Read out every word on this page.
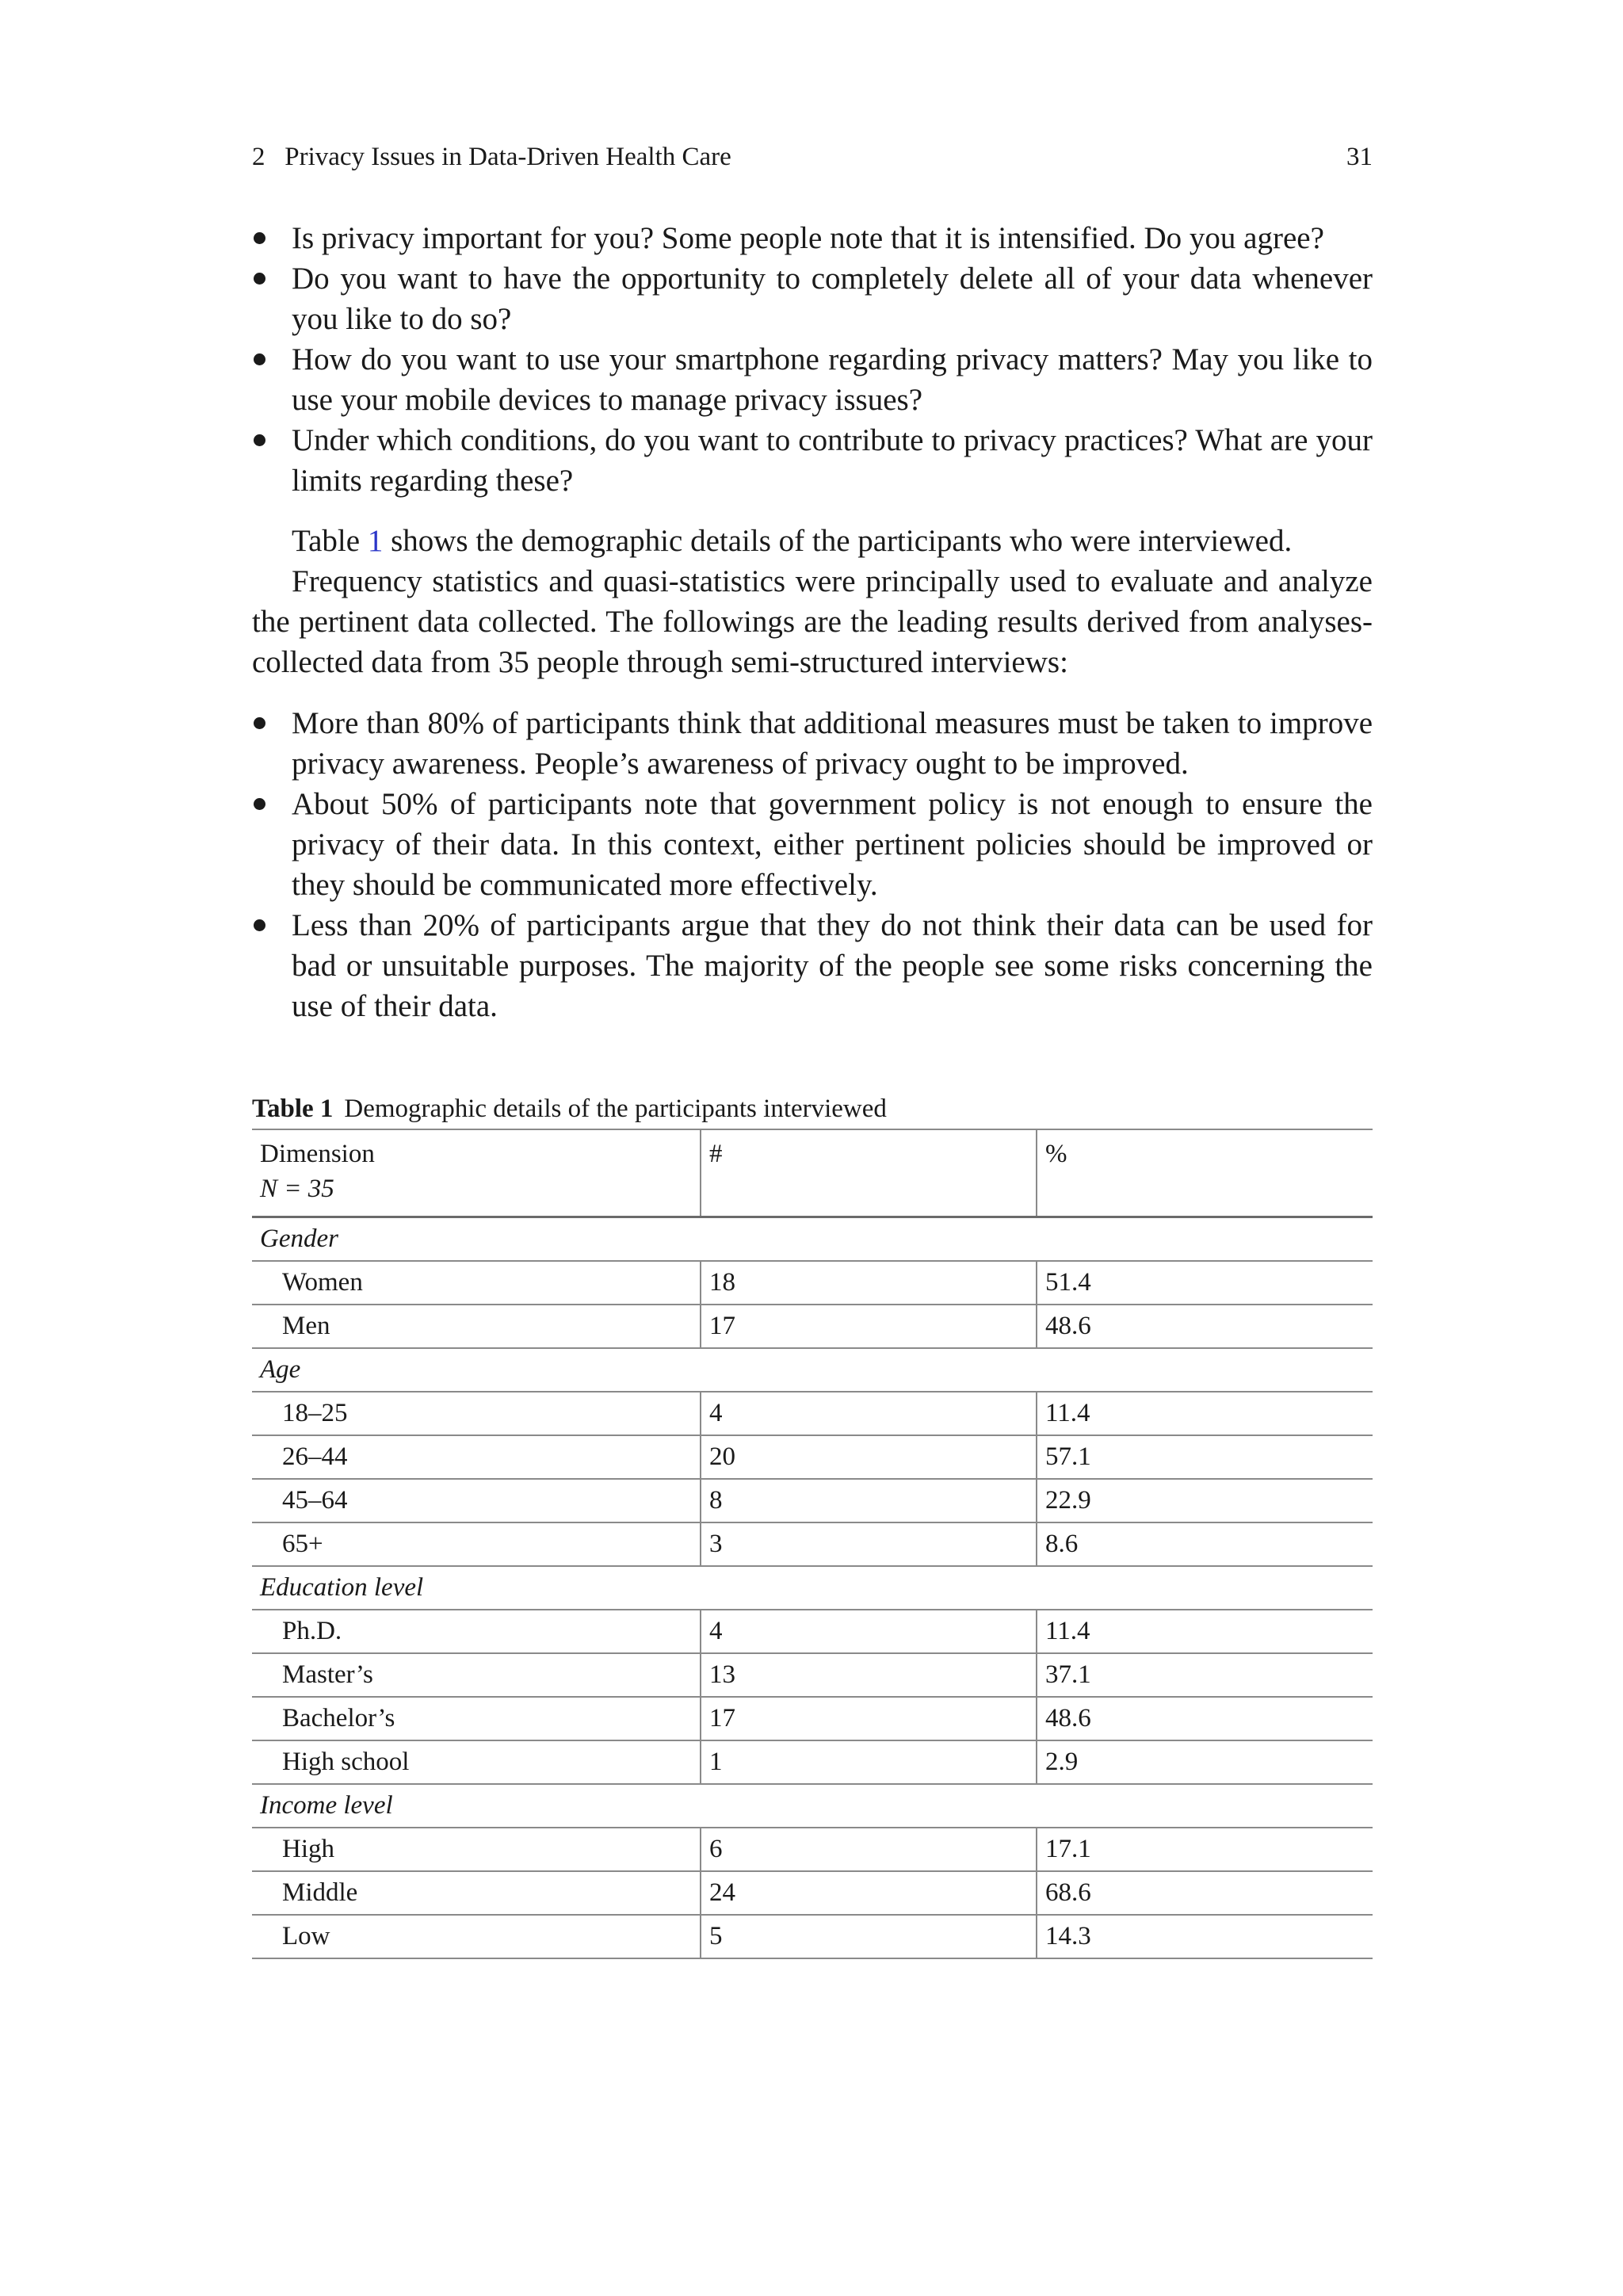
2   Privacy Issues in Data-Driven Health Care	31
Is privacy important for you? Some people note that it is intensified. Do you agree?
Do you want to have the opportunity to completely delete all of your data whenever you like to do so?
How do you want to use your smartphone regarding privacy matters? May you like to use your mobile devices to manage privacy issues?
Under which conditions, do you want to contribute to privacy practices? What are your limits regarding these?

Table 1 shows the demographic details of the participants who were interviewed.

Frequency statistics and quasi-statistics were principally used to evaluate and analyze the pertinent data collected. The followings are the leading results derived from analyses-collected data from 35 people through semi-structured interviews:

More than 80% of participants think that additional measures must be taken to improve privacy awareness. People’s awareness of privacy ought to be improved.
About 50% of participants note that government policy is not enough to ensure the privacy of their data. In this context, either pertinent policies should be improved or they should be communicated more effectively.
Less than 20% of participants argue that they do not think their data can be used for bad or unsuitable purposes. The majority of the people see some risks concerning the use of their data.
Table 1 Demographic details of the participants interviewed
Dimension
N = 35	#	%
Gender		
Women	18	51.4
Men	17	48.6
Age		
18–25	4	11.4
26–44	20	57.1
45–64	8	22.9
65+	3	8.6
Education level		
Ph.D.	4	11.4
Master’s	13	37.1
Bachelor’s	17	48.6
High school	1	2.9
Income level		
High	6	17.1
Middle	24	68.6
Low	5	14.3
